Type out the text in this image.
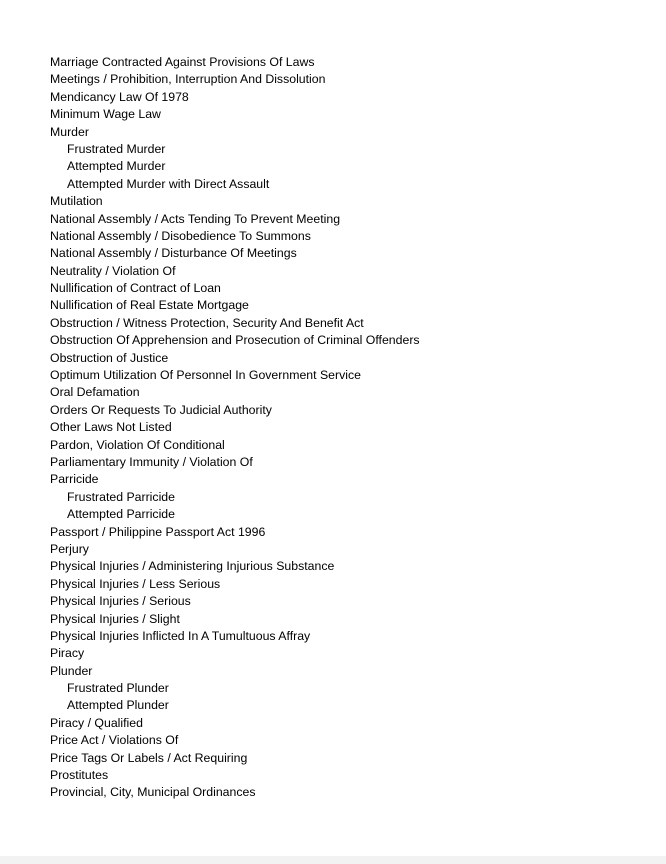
Marriage Contracted Against Provisions Of Laws
Meetings / Prohibition, Interruption And Dissolution
Mendicancy Law Of 1978
Minimum Wage Law
Murder
Frustrated Murder
Attempted Murder
Attempted Murder with Direct Assault
Mutilation
National Assembly / Acts Tending To Prevent Meeting
National Assembly / Disobedience To Summons
National Assembly / Disturbance Of Meetings
Neutrality / Violation Of
Nullification of Contract of Loan
Nullification of Real Estate Mortgage
Obstruction / Witness Protection, Security And Benefit Act
Obstruction Of Apprehension and Prosecution of Criminal Offenders
Obstruction of Justice
Optimum Utilization Of Personnel In Government Service
Oral Defamation
Orders Or Requests To Judicial Authority
Other Laws Not Listed
Pardon, Violation Of Conditional
Parliamentary Immunity / Violation Of
Parricide
Frustrated Parricide
Attempted Parricide
Passport / Philippine Passport Act 1996
Perjury
Physical Injuries / Administering Injurious Substance
Physical Injuries / Less Serious
Physical Injuries / Serious
Physical Injuries / Slight
Physical Injuries Inflicted In A Tumultuous Affray
Piracy
Plunder
Frustrated Plunder
Attempted Plunder
Piracy / Qualified
Price Act / Violations Of
Price Tags Or Labels / Act Requiring
Prostitutes
Provincial, City, Municipal Ordinances
